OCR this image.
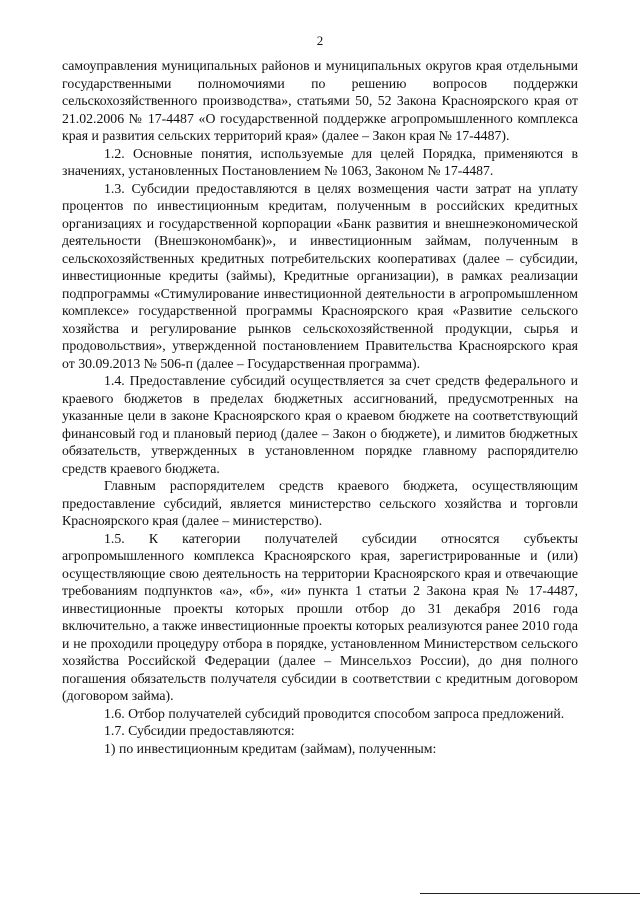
2

самоуправления муниципальных районов и муниципальных округов края отдельными государственными полномочиями по решению вопросов поддержки сельскохозяйственного производства», статьями 50, 52 Закона Красноярского края от 21.02.2006 № 17-4487 «О государственной поддержке агропромышленного комплекса края и развития сельских территорий края» (далее – Закон края № 17-4487).

1.2. Основные понятия, используемые для целей Порядка, применяются в значениях, установленных Постановлением № 1063, Законом № 17-4487.

1.3. Субсидии предоставляются в целях возмещения части затрат на уплату процентов по инвестиционным кредитам, полученным в российских кредитных организациях и государственной корпорации «Банк развития и внешнеэкономической деятельности (Внешэкономбанк)», и инвестиционным займам, полученным в сельскохозяйственных кредитных потребительских кооперативах (далее – субсидии, инвестиционные кредиты (займы), Кредитные организации), в рамках реализации подпрограммы «Стимулирование инвестиционной деятельности в агропромышленном комплексе» государственной программы Красноярского края «Развитие сельского хозяйства и регулирование рынков сельскохозяйственной продукции, сырья и продовольствия», утвержденной постановлением Правительства Красноярского края от 30.09.2013 № 506-п (далее – Государственная программа).

1.4. Предоставление субсидий осуществляется за счет средств федерального и краевого бюджетов в пределах бюджетных ассигнований, предусмотренных на указанные цели в законе Красноярского края о краевом бюджете на соответствующий финансовый год и плановый период (далее – Закон о бюджете), и лимитов бюджетных обязательств, утвержденных в установленном порядке главному распорядителю средств краевого бюджета.

Главным распорядителем средств краевого бюджета, осуществляющим предоставление субсидий, является министерство сельского хозяйства и торговли Красноярского края (далее – министерство).

1.5. К категории получателей субсидии относятся субъекты агропромышленного комплекса Красноярского края, зарегистрированные и (или) осуществляющие свою деятельность на территории Красноярского края и отвечающие требованиям подпунктов «а», «б», «и» пункта 1 статьи 2 Закона края № 17-4487, инвестиционные проекты которых прошли отбор до 31 декабря 2016 года включительно, а также инвестиционные проекты которых реализуются ранее 2010 года и не проходили процедуру отбора в порядке, установленном Министерством сельского хозяйства Российской Федерации (далее – Минсельхоз России), до дня полного погашения обязательств получателя субсидии в соответствии с кредитным договором (договором займа).

1.6. Отбор получателей субсидий проводится способом запроса предложений.

1.7. Субсидии предоставляются:

1) по инвестиционным кредитам (займам), полученным:
